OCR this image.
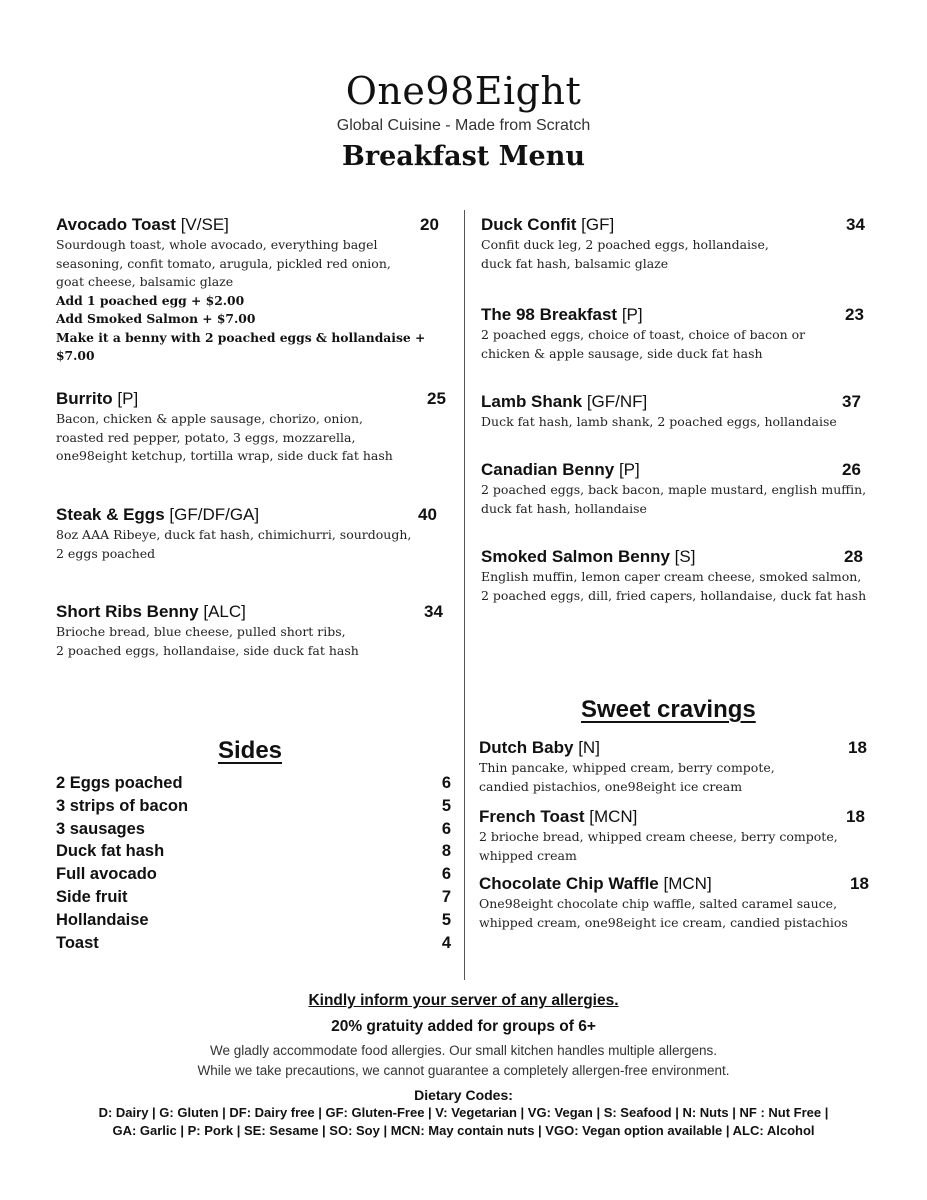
One98Eight
Global Cuisine - Made from Scratch
Breakfast Menu
Avocado Toast [V/SE]	20
Sourdough toast, whole avocado, everything bagel
seasoning, confit tomato, arugula, pickled red onion,
goat cheese, balsamic glaze
Add 1 poached egg + $2.00
Add Smoked Salmon + $7.00
Make it a benny with 2 poached eggs & hollandaise + $7.00
Burrito [P]	25
Bacon, chicken & apple sausage, chorizo, onion,
roasted red pepper, potato, 3 eggs, mozzarella,
one98eight ketchup, tortilla wrap, side duck fat hash
Steak & Eggs [GF/DF/GA]	40
8oz AAA Ribeye, duck fat hash, chimichurri, sourdough,
2 eggs poached
Short Ribs Benny [ALC]	34
Brioche bread, blue cheese, pulled short ribs,
2 poached eggs, hollandaise, side duck fat hash
Duck Confit [GF]	34
Confit duck leg, 2 poached eggs, hollandaise,
duck fat hash, balsamic glaze
The 98 Breakfast [P]	23
2 poached eggs, choice of toast, choice of bacon or
chicken & apple sausage, side duck fat hash
Lamb Shank [GF/NF]	37
Duck fat hash, lamb shank, 2 poached eggs, hollandaise
Canadian Benny [P]	26
2 poached eggs, back bacon, maple mustard, english muffin,
duck fat hash, hollandaise
Smoked Salmon Benny [S]	28
English muffin, lemon caper cream cheese, smoked salmon,
2 poached eggs, dill, fried capers, hollandaise, duck fat hash
Sweet cravings
Dutch Baby [N]	18
Thin pancake, whipped cream, berry compote,
candied pistachios, one98eight ice cream
French Toast [MCN]	18
2 brioche bread, whipped cream cheese, berry compote,
whipped cream
Chocolate Chip Waffle [MCN]	18
One98eight chocolate chip waffle, salted caramel sauce,
whipped cream, one98eight ice cream, candied pistachios
Sides
2 Eggs poached	6
3 strips of bacon	5
3 sausages	6
Duck fat hash	8
Full avocado	6
Side fruit	7
Hollandaise	5
Toast	4
Kindly inform your server of any allergies.
20% gratuity added for groups of 6+
We gladly accommodate food allergies. Our small kitchen handles multiple allergens.
While we take precautions, we cannot guarantee a completely allergen-free environment.
Dietary Codes:
D: Dairy | G: Gluten | DF: Dairy free | GF: Gluten-Free | V: Vegetarian | VG: Vegan | S: Seafood | N: Nuts | NF : Nut Free |
GA: Garlic | P: Pork | SE: Sesame | SO: Soy | MCN: May contain nuts | VGO: Vegan option available | ALC: Alcohol
